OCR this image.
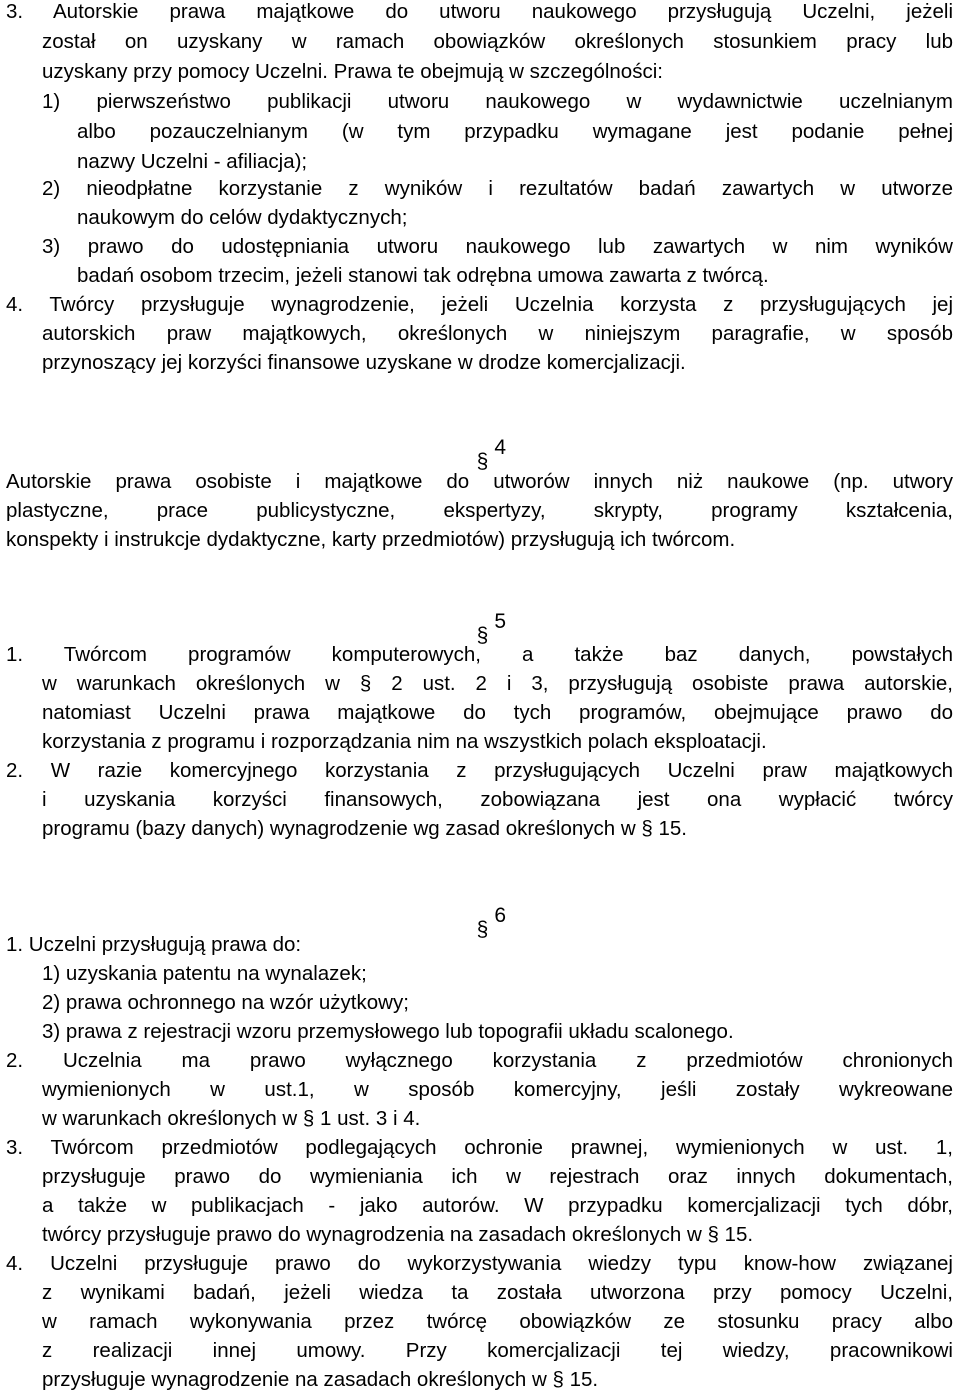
3. Autorskie prawa majątkowe do utworu naukowego przysługują Uczelni, jeżeli
został on uzyskany w ramach obowiązków określonych stosunkiem pracy lub
uzyskany przy pomocy Uczelni. Prawa te obejmują w szczególności:
1) pierwszeństwo publikacji utworu naukowego w wydawnictwie uczelnianym
albo pozauczelnianym (w tym przypadku wymagane jest podanie pełnej
nazwy Uczelni - afiliacja);
2) nieodpłatne korzystanie z wyników i rezultatów badań zawartych w utworze
naukowym do celów dydaktycznych;
3) prawo do udostępniania utworu naukowego lub zawartych w nim wyników
badań osobom trzecim, jeżeli stanowi tak odrębna umowa zawarta z twórcą.
4. Twórcy przysługuje wynagrodzenie, jeżeli Uczelnia korzysta z przysługujących jej
autorskich praw majątkowych, określonych w niniejszym paragrafie, w sposób
przynoszący jej korzyści finansowe uzyskane w drodze komercjalizacji.

§4

Autorskie prawa osobiste i majątkowe do utworów innych niż naukowe (np. utwory
plastyczne, prace publicystyczne, ekspertyzy, skrypty, programy kształcenia,
konspekty i instrukcje dydaktyczne, karty przedmiotów) przysługują ich twórcom.

§5

1. Twórcom programów komputerowych, a także baz danych, powstałych
w warunkach określonych w § 2 ust. 2 i 3, przysługują osobiste prawa autorskie,
natomiast Uczelni prawa majątkowe do tych programów, obejmujące prawo do
korzystania z programu i rozporządzania nim na wszystkich polach eksploatacji.
2. W razie komercyjnego korzystania z przysługujących Uczelni praw majątkowych
i uzyskania korzyści finansowych, zobowiązana jest ona wypłacić twórcy
programu (bazy danych) wynagrodzenie wg zasad określonych w § 15.

§6

1. Uczelni przysługują prawa do:
1) uzyskania patentu na wynalazek;
2) prawa ochronnego na wzór użytkowy;
3) prawa z rejestracji wzoru przemysłowego lub topografii układu scalonego.
2. Uczelnia ma prawo wyłącznego korzystania z przedmiotów chronionych
wymienionych w ust.1, w sposób komercyjny, jeśli zostały wykreowane
w warunkach określonych w § 1 ust. 3 i 4.
3. Twórcom przedmiotów podlegających ochronie prawnej, wymienionych w ust. 1,
przysługuje prawo do wymieniania ich w rejestrach oraz innych dokumentach,
a także w publikacjach - jako autorów. W przypadku komercjalizacji tych dóbr,
twórcy przysługuje prawo do wynagrodzenia na zasadach określonych w § 15.
4. Uczelni przysługuje prawo do wykorzystywania wiedzy typu know-how związanej
z wynikami badań, jeżeli wiedza ta została utworzona przy pomocy Uczelni,
w ramach wykonywania przez twórcę obowiązków ze stosunku pracy albo
z realizacji innej umowy. Przy komercjalizacji tej wiedzy, pracownikowi
przysługuje wynagrodzenie na zasadach określonych w § 15.
